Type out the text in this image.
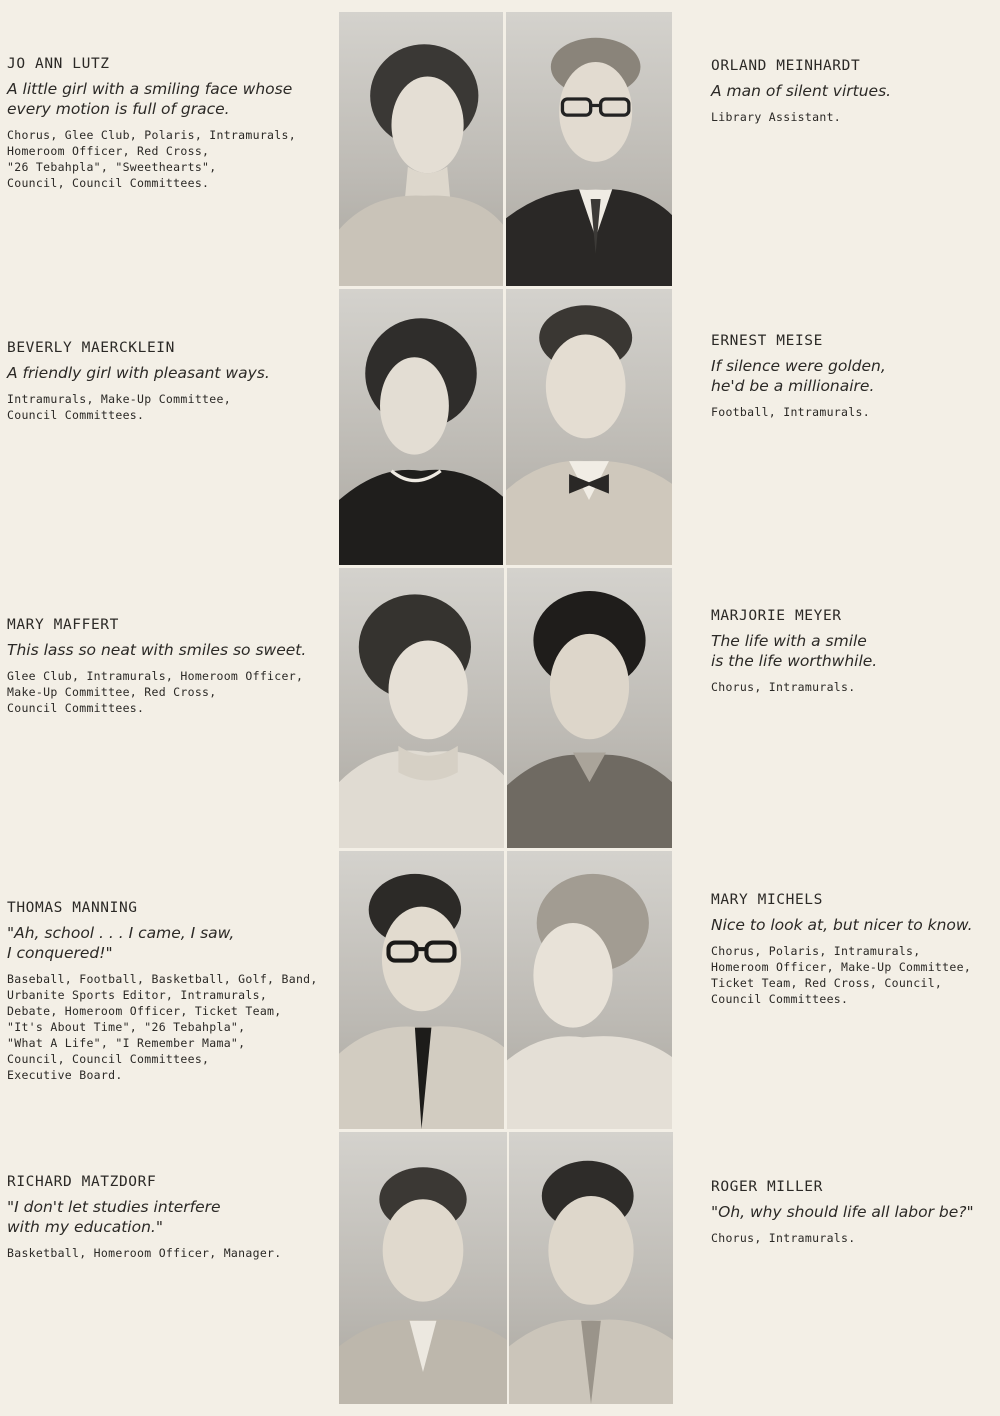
JO ANN LUTZ

A little girl with a smiling face whose
every motion is full of grace.

Chorus, Glee Club, Polaris, Intramurals,
Homeroom Officer, Red Cross,
"26 Tebahpla", "Sweethearts",
Council, Council Committees.

ORLAND MEINHARDT

A man of silent virtues.

Library Assistant.

BEVERLY MAERCKLEIN

A friendly girl with pleasant ways.

Intramurals, Make-Up Committee,
Council Committees.

ERNEST MEISE

If silence were golden,
he'd be a millionaire.

Football, Intramurals.

MARY MAFFERT

This lass so neat with smiles so sweet.

Glee Club, Intramurals, Homeroom Officer,
Make-Up Committee, Red Cross,
Council Committees.

MARJORIE MEYER

The life with a smile
is the life worthwhile.

Chorus, Intramurals.

THOMAS MANNING

"Ah, school . . . I came, I saw,
I conquered!"

Baseball, Football, Basketball, Golf, Band,
Urbanite Sports Editor, Intramurals,
Debate, Homeroom Officer, Ticket Team,
"It's About Time", "26 Tebahpla",
"What A Life", "I Remember Mama",
Council, Council Committees,
Executive Board.

MARY MICHELS

Nice to look at, but nicer to know.

Chorus, Polaris, Intramurals,
Homeroom Officer, Make-Up Committee,
Ticket Team, Red Cross, Council,
Council Committees.

RICHARD MATZDORF

"I don't let studies interfere
with my education."

Basketball, Homeroom Officer, Manager.

ROGER MILLER

"Oh, why should life all labor be?"

Chorus, Intramurals.
